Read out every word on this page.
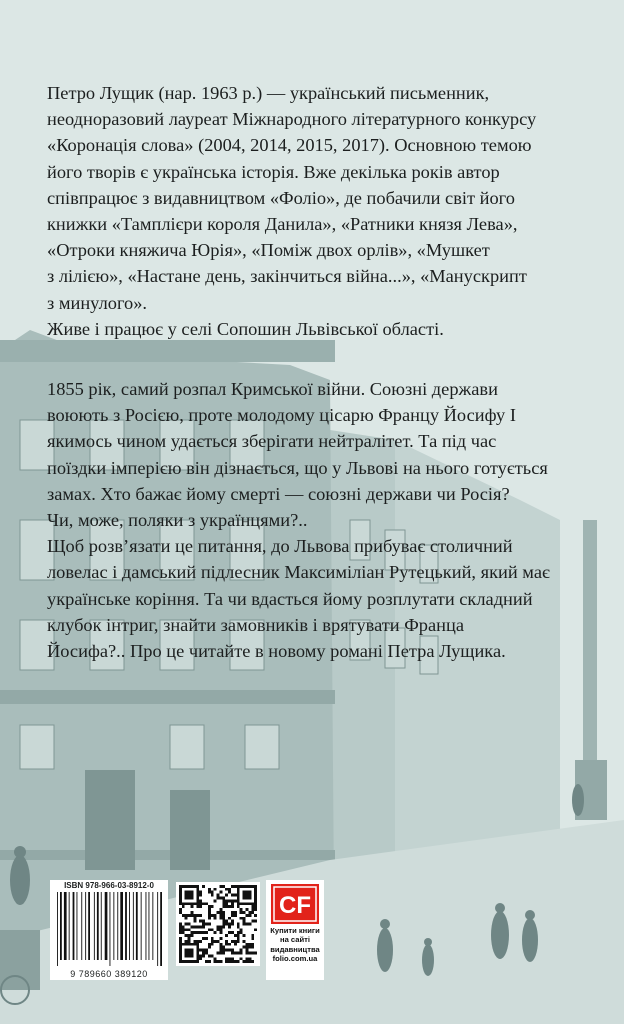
Петро Лущик (нар. 1963 р.) — український письменник,
неодноразовий лауреат Міжнародного літературного конкурсу
«Коронація слова» (2004, 2014, 2015, 2017). Основною темою
його творів є українська історія. Вже декілька років автор
співпрацює з видавництвом «Фоліо», де побачили світ його
книжки «Тамплієри короля Данила», «Ратники князя Лева»,
«Отроки княжича Юрія», «Поміж двох орлів», «Мушкет
з лілією», «Настане день, закінчиться війна...», «Манускрипт
з минулого».
Живе і працює у селі Сопошин Львівської області.
1855 рік, самий розпал Кримської війни. Союзні держави
воюють з Росією, проте молодому цісарю Францу Йосифу I
якимось чином удається зберігати нейтралітет. Та під час
поїздки імперією він дізнається, що у Львові на нього готується
замах. Хто бажає йому смерті — союзні держави чи Росія?
Чи, може, поляки з українцями?..
Щоб розв’язати це питання, до Львова прибуває столичний
ловелас і дамський підлесник Максиміліан Рутецький, який має
українське коріння. Та чи вдасться йому розплутати складний
клубок інтриг, знайти замовників і врятувати Франца
Йосифа?.. Про це читайте в новому романі Петра Лущика.
ISBN 978-966-03-8912-0
9 789660 389120
CF
Купити книги
на сайті
видавництва
folio.com.ua
